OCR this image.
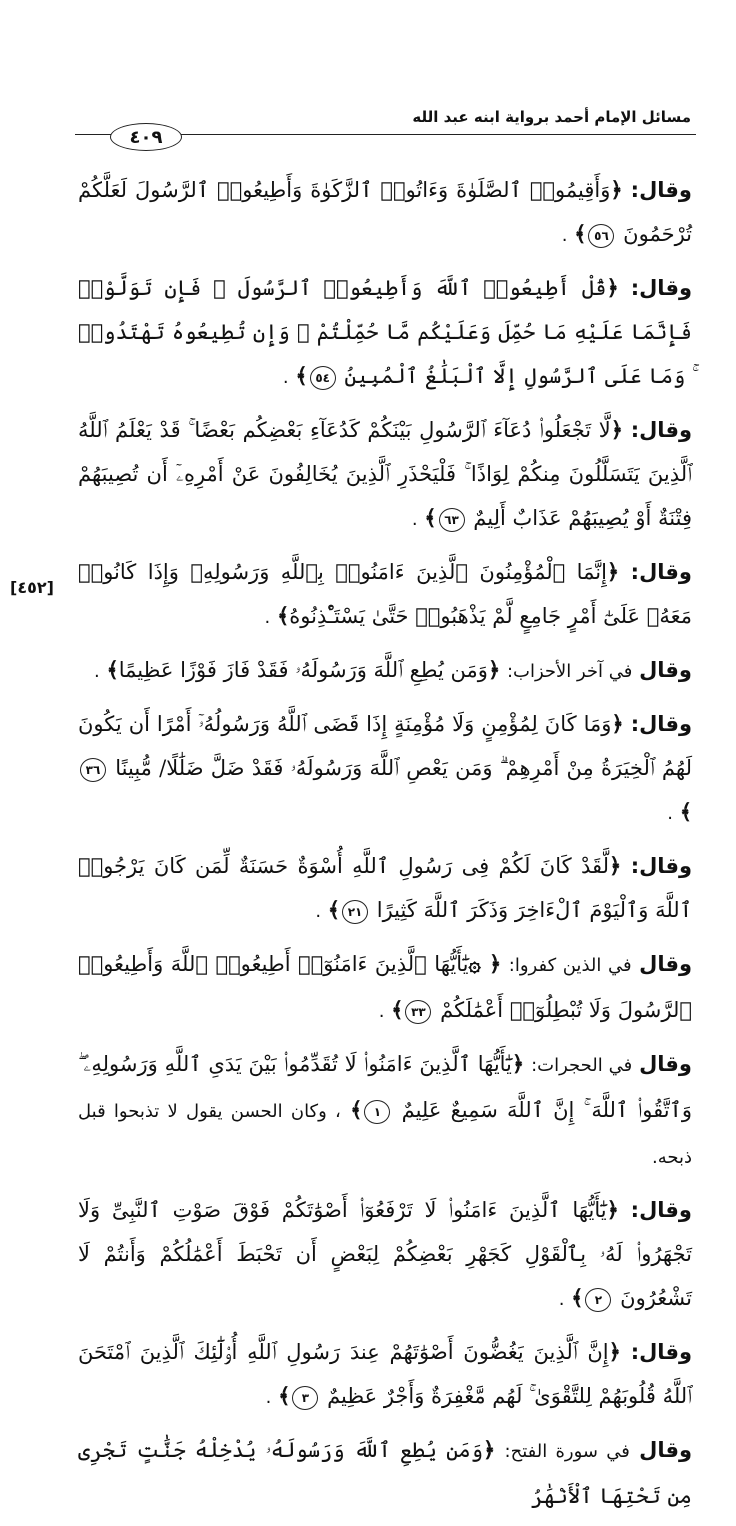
مسائل الإمام أحمد برواية ابنه عبد الله
٤٠٩
[٤٥٢]

وقال: ﴿وَأَقِيمُوا۟ ٱلصَّلَوٰةَ وَءَاتُوا۟ ٱلزَّكَوٰةَ وَأَطِيعُوا۟ ٱلرَّسُولَ لَعَلَّكُمْ تُرْحَمُونَ ٥٦﴾ .

وقال: ﴿قُلْ أَطِيعُوا۟ ٱللَّهَ وَأَطِيعُوا۟ ٱلرَّسُولَ ۖ فَإِن تَوَلَّوْا۟ فَإِنَّمَا عَلَيْهِ مَا حُمِّلَ وَعَلَيْكُم مَّا حُمِّلْتُمْ ۖ وَإِن تُطِيعُوهُ تَهْتَدُوا۟ ۚ وَمَا عَلَى ٱلرَّسُولِ إِلَّا ٱلْبَلَٰغُ ٱلْمُبِينُ ٥٤﴾ .

وقال: ﴿لَّا تَجْعَلُوا۟ دُعَآءَ ٱلرَّسُولِ بَيْنَكُمْ كَدُعَآءِ بَعْضِكُم بَعْضًا ۚ قَدْ يَعْلَمُ ٱللَّهُ ٱلَّذِينَ يَتَسَلَّلُونَ مِنكُمْ لِوَاذًا ۚ فَلْيَحْذَرِ ٱلَّذِينَ يُخَالِفُونَ عَنْ أَمْرِهِۦٓ أَن تُصِيبَهُمْ فِتْنَةٌ أَوْ يُصِيبَهُمْ عَذَابٌ أَلِيمٌ ٦٣﴾ .

وقال: ﴿إِنَّمَا ٱلْمُؤْمِنُونَ ٱلَّذِينَ ءَامَنُوا۟ بِٱللَّهِ وَرَسُولِهِۦ وَإِذَا كَانُوا۟ مَعَهُۥ عَلَىٰٓ أَمْرٍ جَامِعٍ لَّمْ يَذْهَبُوا۟ حَتَّىٰ يَسْتَـْٔذِنُوهُ﴾ .

وقال في آخر الأحزاب: ﴿وَمَن يُطِعِ ٱللَّهَ وَرَسُولَهُۥ فَقَدْ فَازَ فَوْزًا عَظِيمًا﴾ .

وقال: ﴿وَمَا كَانَ لِمُؤْمِنٍ وَلَا مُؤْمِنَةٍ إِذَا قَضَى ٱللَّهُ وَرَسُولُهُۥٓ أَمْرًا أَن يَكُونَ لَهُمُ ٱلْخِيَرَةُ مِنْ أَمْرِهِمْ ۗ وَمَن يَعْصِ ٱللَّهَ وَرَسُولَهُۥ فَقَدْ ضَلَّ ضَلَٰلًا/ مُّبِينًا ٣٦﴾ .

وقال: ﴿لَّقَدْ كَانَ لَكُمْ فِى رَسُولِ ٱللَّهِ أُسْوَةٌ حَسَنَةٌ لِّمَن كَانَ يَرْجُوا۟ ٱللَّهَ وَٱلْيَوْمَ ٱلْءَاخِرَ وَذَكَرَ ٱللَّهَ كَثِيرًا ٢١﴾ .

وقال في الذين كفروا: ﴿ ۞يَٰٓأَيُّهَا ٱلَّذِينَ ءَامَنُوٓا۟ أَطِيعُوا۟ ٱللَّهَ وَأَطِيعُوا۟ ٱلرَّسُولَ وَلَا تُبْطِلُوٓا۟ أَعْمَٰلَكُمْ ٣٣﴾ .

وقال في الحجرات: ﴿يَٰٓأَيُّهَا ٱلَّذِينَ ءَامَنُوا۟ لَا تُقَدِّمُوا۟ بَيْنَ يَدَىِ ٱللَّهِ وَرَسُولِهِۦ ۖ وَٱتَّقُوا۟ ٱللَّهَ ۚ إِنَّ ٱللَّهَ سَمِيعٌ عَلِيمٌ ١﴾ ، وكان الحسن يقول لا تذبحوا قبل ذبحه.

وقال: ﴿يَٰٓأَيُّهَا ٱلَّذِينَ ءَامَنُوا۟ لَا تَرْفَعُوٓا۟ أَصْوَٰتَكُمْ فَوْقَ صَوْتِ ٱلنَّبِىِّ وَلَا تَجْهَرُوا۟ لَهُۥ بِٱلْقَوْلِ كَجَهْرِ بَعْضِكُمْ لِبَعْضٍ أَن تَحْبَطَ أَعْمَٰلُكُمْ وَأَنتُمْ لَا تَشْعُرُونَ ٢﴾ .

وقال: ﴿إِنَّ ٱلَّذِينَ يَغُضُّونَ أَصْوَٰتَهُمْ عِندَ رَسُولِ ٱللَّهِ أُو۟لَٰٓئِكَ ٱلَّذِينَ ٱمْتَحَنَ ٱللَّهُ قُلُوبَهُمْ لِلتَّقْوَىٰ ۚ لَهُم مَّغْفِرَةٌ وَأَجْرٌ عَظِيمٌ ٣﴾ .

وقال في سورة الفتح: ﴿وَمَن يُطِعِ ٱللَّهَ وَرَسُولَهُۥ يُدْخِلْهُ جَنَّٰتٍ تَجْرِى مِن تَحْتِهَا ٱلْأَنْهَٰرُ
